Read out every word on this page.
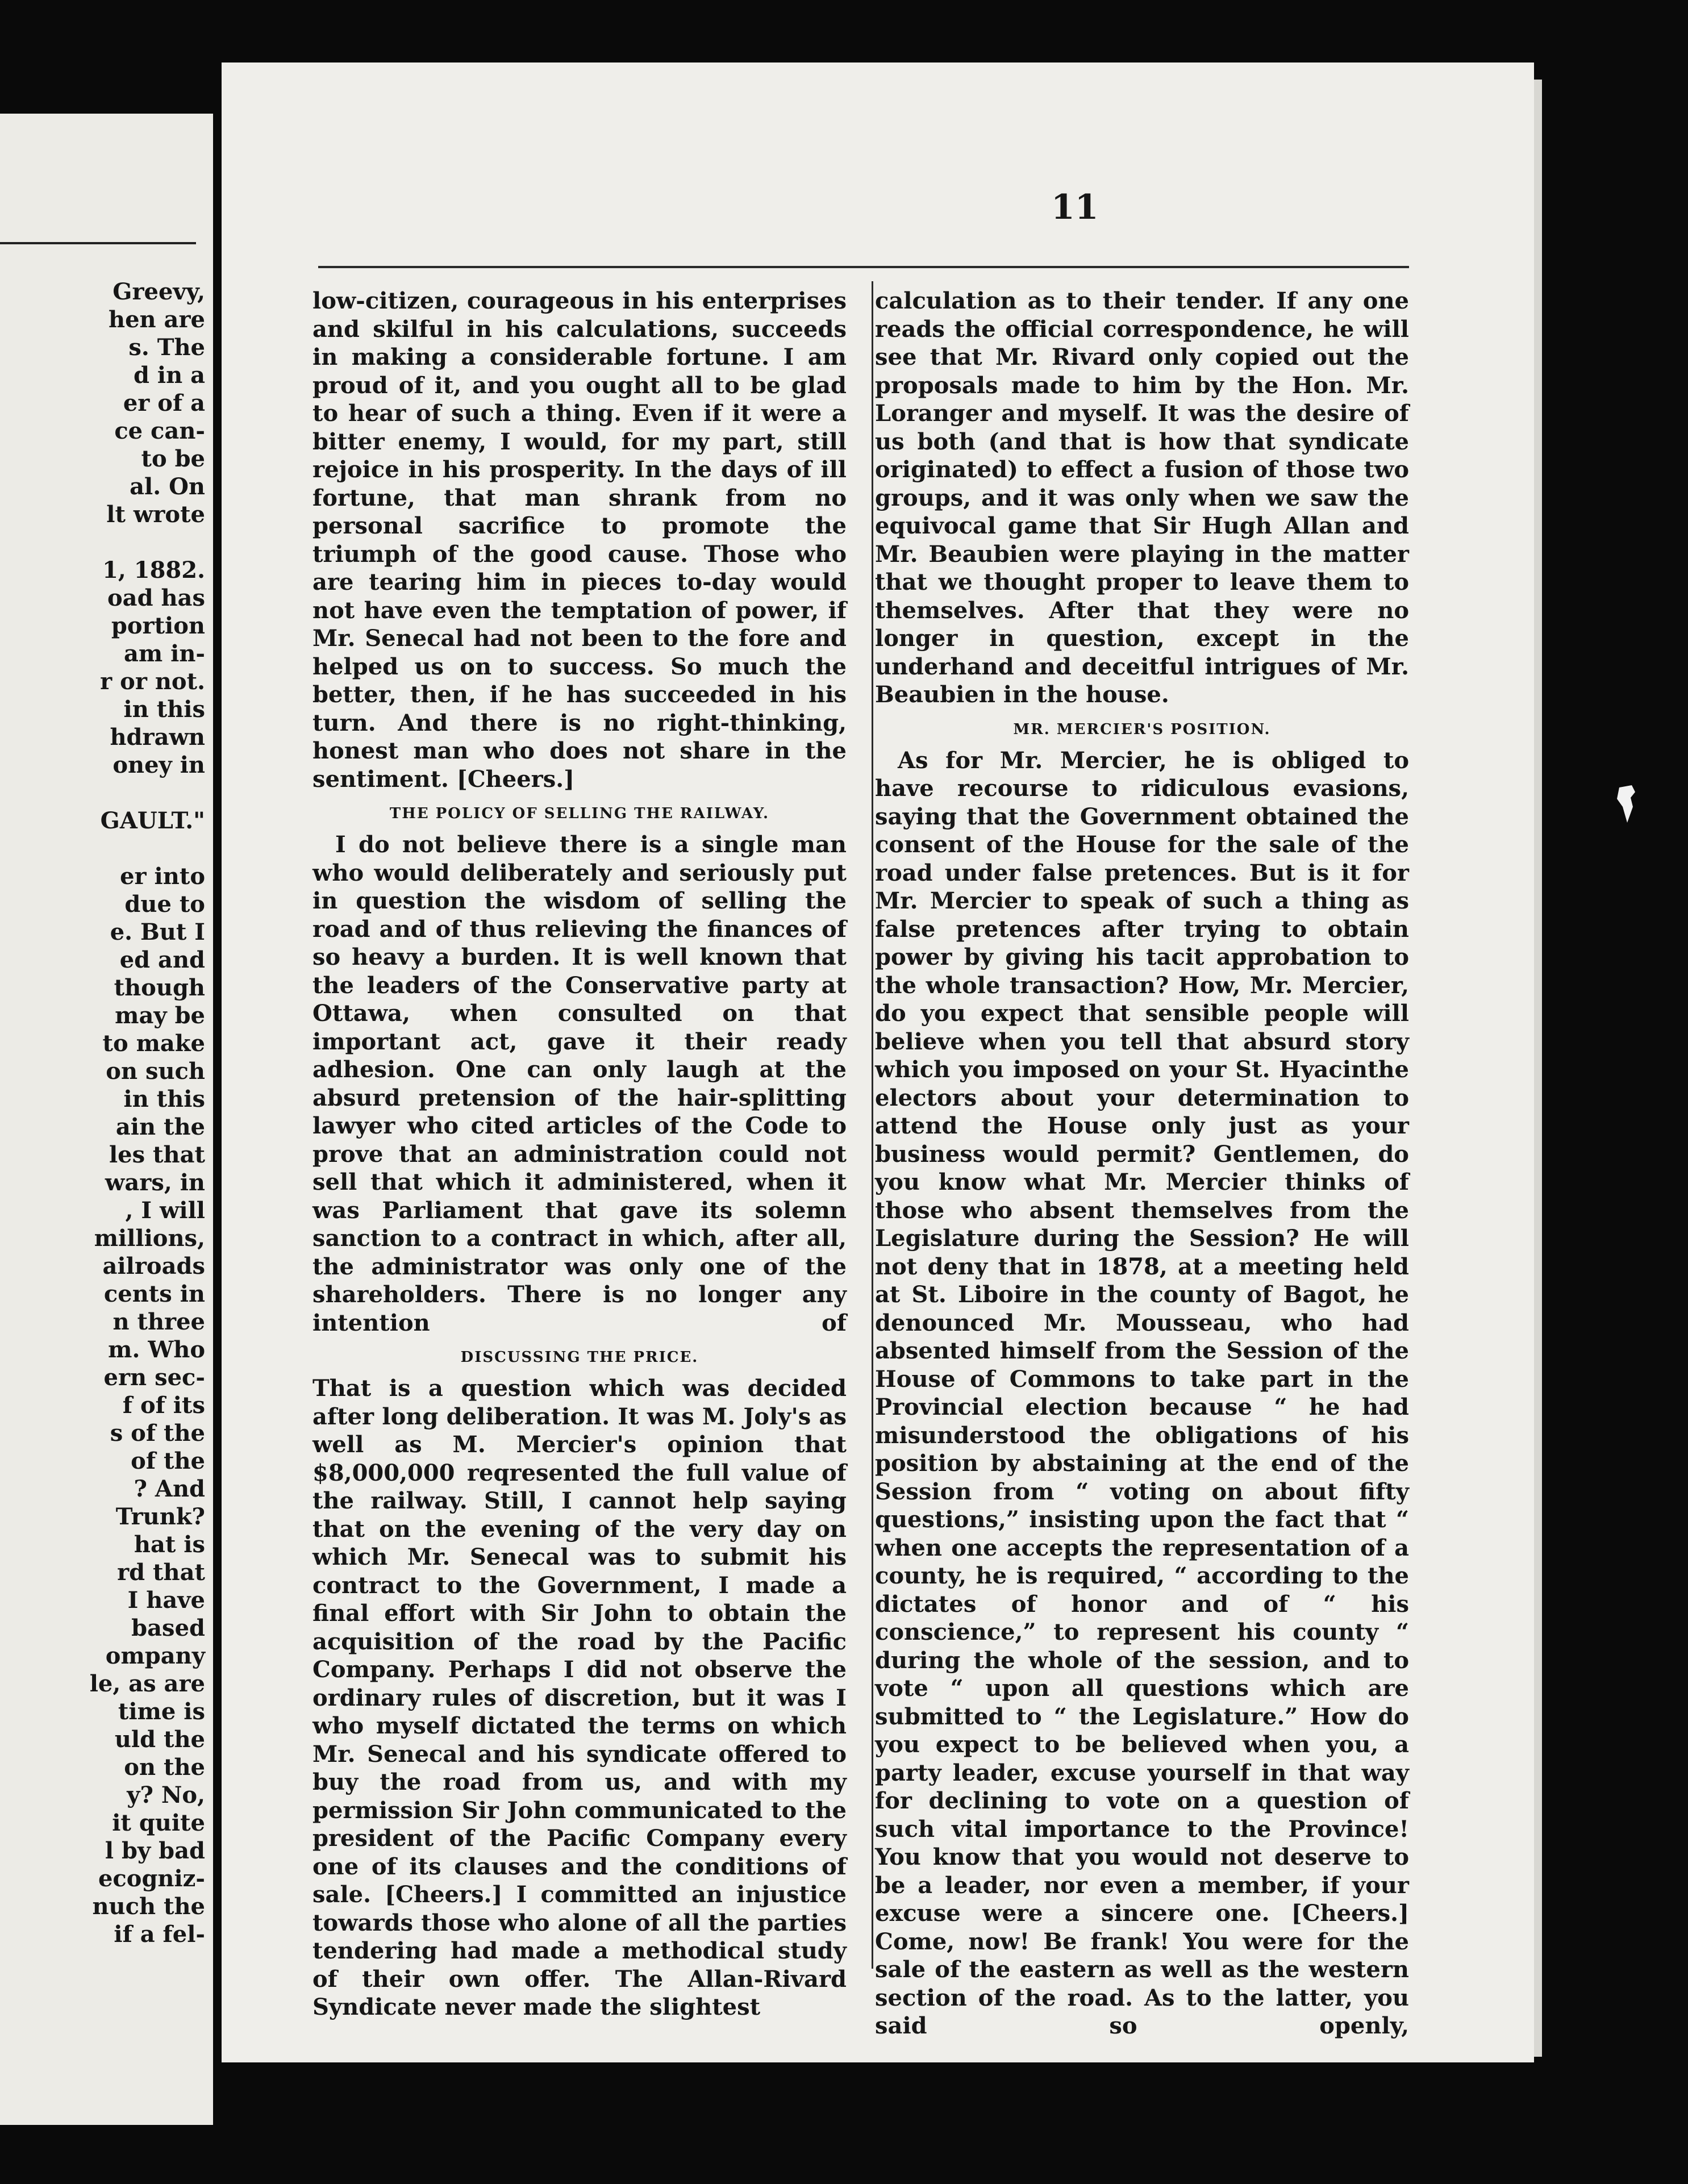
Greevy,
hen are
s. The
d in a
er of a
ce can-
to be
al. On
lt wrote
1, 1882.
oad has
portion
am in-
r or not.
in this
hdrawn
oney in
GAULT."
er into
due to
e. But I
ed and
though
may be
to make
on such
in this
ain the
les that
wars, in
, I will
millions,
ailroads
cents in
n three
m. Who
ern sec-
f of its
s of the
of the
? And
Trunk?
hat is
rd that
I have
based
ompany
le, as are
time is
uld the
on the
y? No,
it quite
l by bad
ecogniz-
nuch the
if a fel-
11

low-citizen, courageous in his enterprises and skilful in his calculations, succeeds in making a considerable fortune. I am proud of it, and you ought all to be glad to hear of such a thing. Even if it were a bitter enemy, I would, for my part, still rejoice in his prosperity. In the days of ill fortune, that man shrank from no personal sacrifice to promote the triumph of the good cause. Those who are tearing him in pieces to-day would not have even the temptation of power, if Mr. Senecal had not been to the fore and helped us on to success. So much the better, then, if he has succeeded in his turn. And there is no right-thinking, honest man who does not share in the sentiment. [Cheers.]

THE POLICY OF SELLING THE RAILWAY.

I do not believe there is a single man who would deliberately and seriously put in question the wisdom of selling the road and of thus relieving the finances of so heavy a burden. It is well known that the leaders of the Conservative party at Ottawa, when consulted on that important act, gave it their ready adhesion. One can only laugh at the absurd pretension of the hair-splitting lawyer who cited articles of the Code to prove that an administration could not sell that which it administered, when it was Parliament that gave its solemn sanction to a contract in which, after all, the administrator was only one of the shareholders. There is no longer any intention of

DISCUSSING THE PRICE.

That is a question which was decided after long deliberation. It was M. Joly's as well as M. Mercier's opinion that $8,000,000 reqresented the full value of the railway. Still, I cannot help saying that on the evening of the very day on which Mr. Senecal was to submit his contract to the Government, I made a final effort with Sir John to obtain the acquisition of the road by the Pacific Company. Perhaps I did not observe the ordinary rules of discretion, but it was I who myself dictated the terms on which Mr. Senecal and his syndicate offered to buy the road from us, and with my permission Sir John communicated to the president of the Pacific Company every one of its clauses and the conditions of sale. [Cheers.] I committed an injustice towards those who alone of all the parties tendering had made a methodical study of their own offer. The Allan-Rivard Syndicate never made the slightest

calculation as to their tender. If any one reads the official correspondence, he will see that Mr. Rivard only copied out the proposals made to him by the Hon. Mr. Loranger and myself. It was the desire of us both (and that is how that syndicate originated) to effect a fusion of those two groups, and it was only when we saw the equivocal game that Sir Hugh Allan and Mr. Beaubien were playing in the matter that we thought proper to leave them to themselves. After that they were no longer in question, except in the underhand and deceitful intrigues of Mr. Beaubien in the house.

MR. MERCIER'S POSITION.

As for Mr. Mercier, he is obliged to have recourse to ridiculous evasions, saying that the Government obtained the consent of the House for the sale of the road under false pretences. But is it for Mr. Mercier to speak of such a thing as false pretences after trying to obtain power by giving his tacit approbation to the whole transaction? How, Mr. Mercier, do you expect that sensible people will believe when you tell that absurd story which you imposed on your St. Hyacinthe electors about your determination to attend the House only just as your business would permit? Gentlemen, do you know what Mr. Mercier thinks of those who absent themselves from the Legislature during the Session? He will not deny that in 1878, at a meeting held at St. Liboire in the county of Bagot, he denounced Mr. Mousseau, who had absented himself from the Session of the House of Commons to take part in the Provincial election because “ he had misunderstood the obligations of his position by abstaining at the end of the Session from “ voting on about fifty questions,” insisting upon the fact that “ when one accepts the representation of a county, he is required, “ according to the dictates of honor and of “ his conscience,” to represent his county “ during the whole of the session, and to vote “ upon all questions which are submitted to “ the Legislature.” How do you expect to be believed when you, a party leader, excuse yourself in that way for declining to vote on a question of such vital importance to the Province! You know that you would not deserve to be a leader, nor even a member, if your excuse were a sincere one. [Cheers.] Come, now! Be frank! You were for the sale of the eastern as well as the western section of the road. As to the latter, you said so openly,
